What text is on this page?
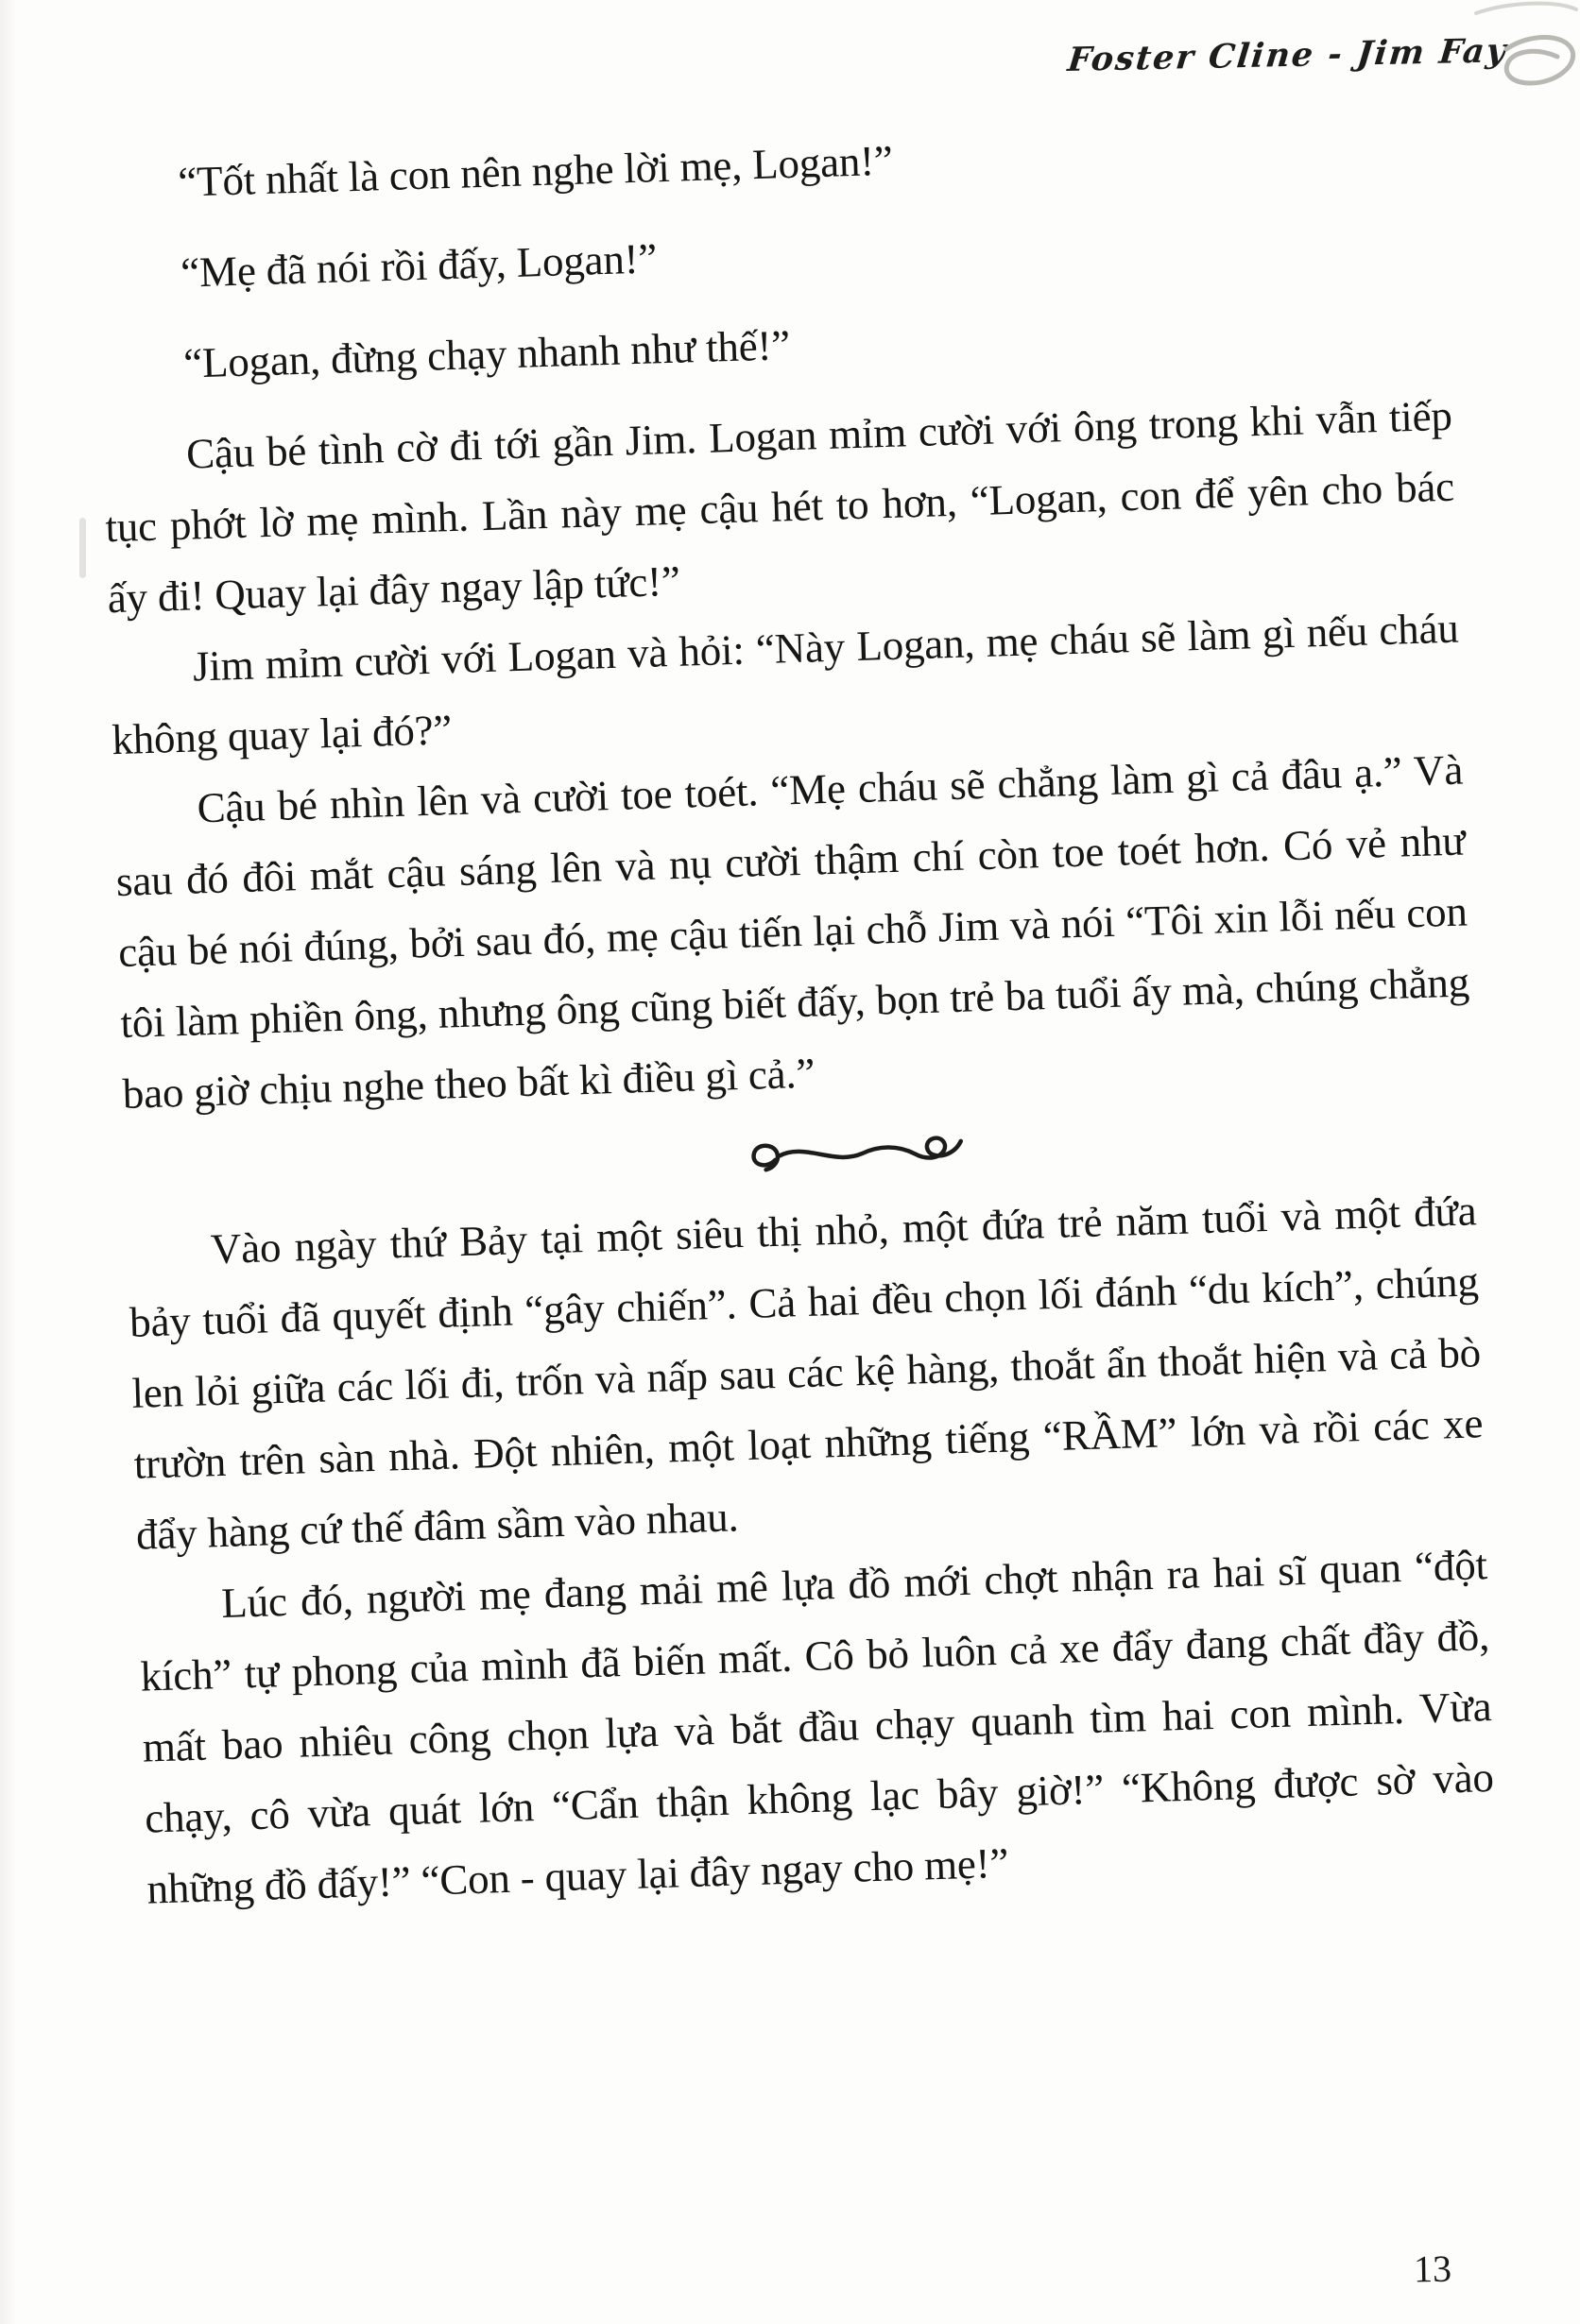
Foster Cline - Jim Fay

“Tốt nhất là con nên nghe lời mẹ, Logan!”

“Mẹ đã nói rồi đấy, Logan!”

“Logan, đừng chạy nhanh như thế!”

Cậu bé tình cờ đi tới gần Jim. Logan mỉm cười với ông trong khi vẫn tiếp tục phớt lờ mẹ mình. Lần này mẹ cậu hét to hơn, “Logan, con để yên cho bác ấy đi! Quay lại đây ngay lập tức!”

Jim mỉm cười với Logan và hỏi: “Này Logan, mẹ cháu sẽ làm gì nếu cháu không quay lại đó?”

Cậu bé nhìn lên và cười toe toét. “Mẹ cháu sẽ chẳng làm gì cả đâu ạ.” Và sau đó đôi mắt cậu sáng lên và nụ cười thậm chí còn toe toét hơn. Có vẻ như cậu bé nói đúng, bởi sau đó, mẹ cậu tiến lại chỗ Jim và nói “Tôi xin lỗi nếu con tôi làm phiền ông, nhưng ông cũng biết đấy, bọn trẻ ba tuổi ấy mà, chúng chẳng bao giờ chịu nghe theo bất kì điều gì cả.”

Vào ngày thứ Bảy tại một siêu thị nhỏ, một đứa trẻ năm tuổi và một đứa bảy tuổi đã quyết định “gây chiến”. Cả hai đều chọn lối đánh “du kích”, chúng len lỏi giữa các lối đi, trốn và nấp sau các kệ hàng, thoắt ẩn thoắt hiện và cả bò trườn trên sàn nhà. Đột nhiên, một loạt những tiếng “RẦM” lớn và rồi các xe đẩy hàng cứ thế đâm sầm vào nhau.

Lúc đó, người mẹ đang mải mê lựa đồ mới chợt nhận ra hai sĩ quan “đột kích” tự phong của mình đã biến mất. Cô bỏ luôn cả xe đẩy đang chất đầy đồ, mất bao nhiêu công chọn lựa và bắt đầu chạy quanh tìm hai con mình. Vừa chạy, cô vừa quát lớn “Cẩn thận không lạc bây giờ!” “Không được sờ vào những đồ đấy!” “Con - quay lại đây ngay cho mẹ!”

13
